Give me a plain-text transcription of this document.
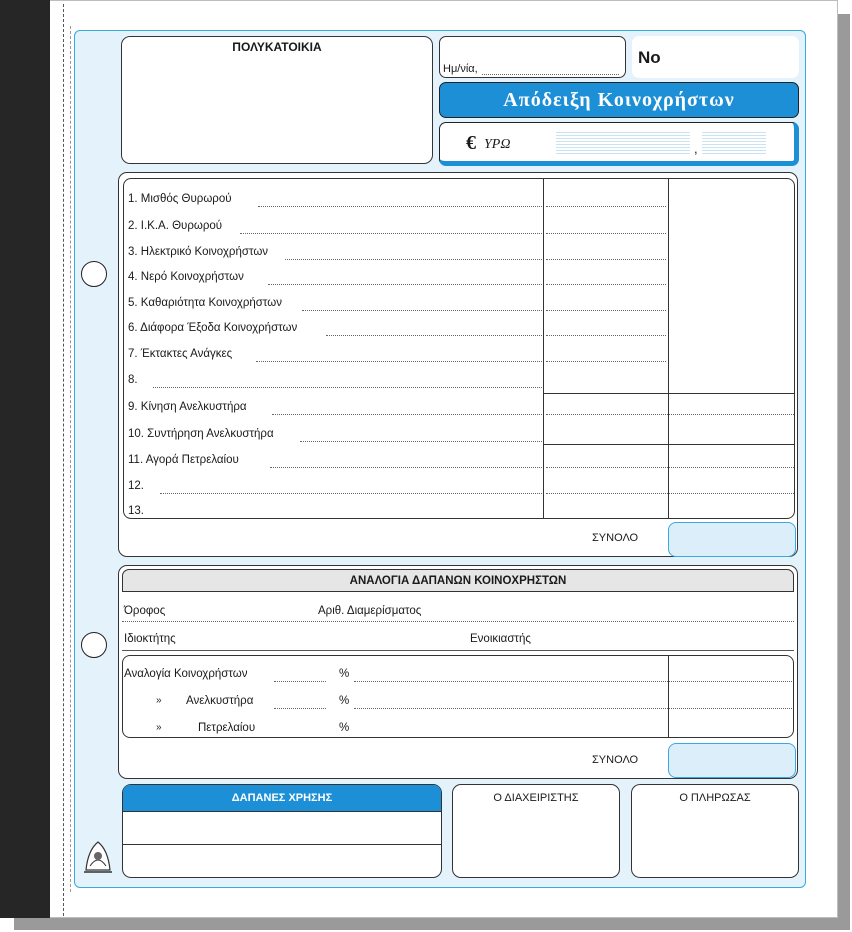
ΠΟΛΥΚΑΤΟΙΚΙΑ
Ημ/νία,
No
Απόδειξη Κοινοχρήστων
€ ΥΡΩ	,
1. Μισθός Θυρωρού
2. Ι.Κ.Α. Θυρωρού
3. Ηλεκτρικό Κοινοχρήστων
4. Νερό Κοινοχρήστων
5. Καθαριότητα Κοινοχρήστων
6. Διάφορα Έξοδα Κοινοχρήστων
7. Έκτακτες Ανάγκες
8.
9. Κίνηση Ανελκυστήρα
10. Συντήρηση Ανελκυστήρα
11. Αγορά Πετρελαίου
12.
13.
ΣΥΝΟΛΟ
ΑΝΑΛΟΓΙΑ ΔΑΠΑΝΩΝ ΚΟΙΝΟΧΡΗΣΤΩΝ
Όροφος	Αριθ. Διαμερίσματος
Ιδιοκτήτης	Ενοικιαστής
Αναλογία Κοινοχρήστων	%
» Ανελκυστήρα	%
»	Πετρελαίου	%
ΣΥΝΟΛΟ
ΔΑΠΑΝΕΣ ΧΡΗΣΗΣ	Ο ΔΙΑΧΕΙΡΙΣΤΗΣ	Ο ΠΛΗΡΩΣΑΣ
